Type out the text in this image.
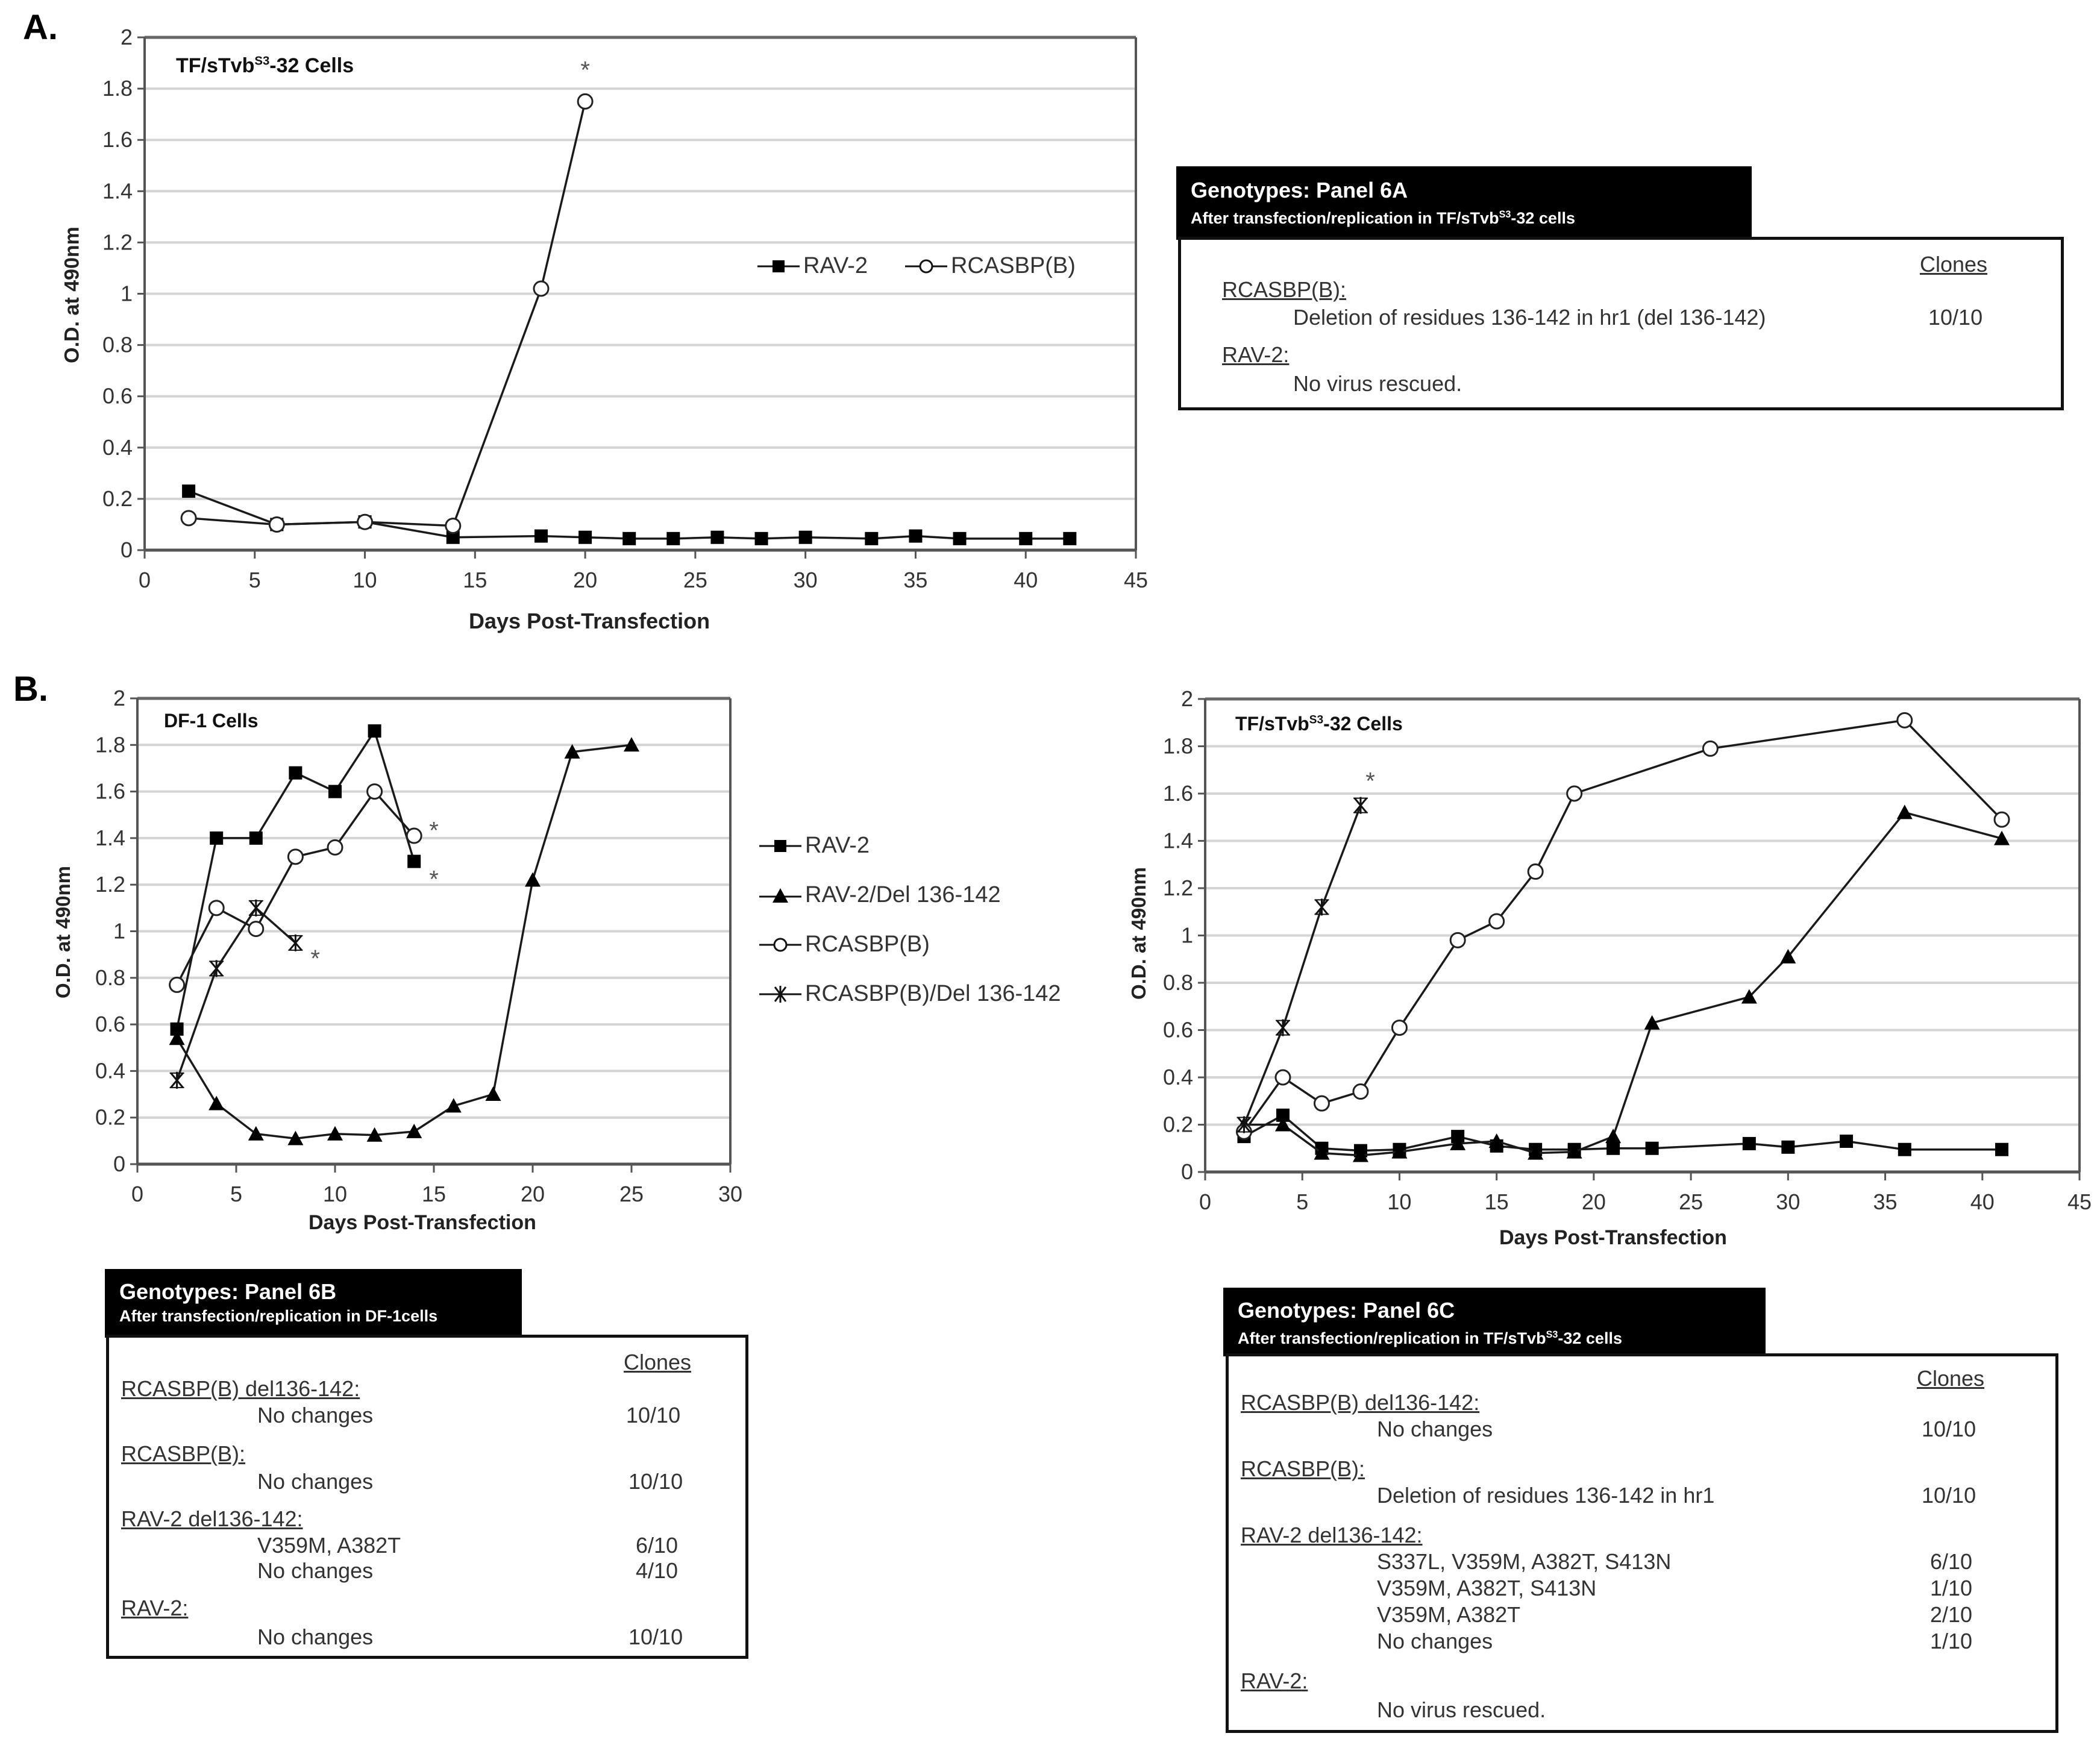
A.
B.
0
0.2
0.4
0.6
0.8
1
1.2
1.4
1.6
1.8
2
0	5	10	15	20	25	30	35	40	45
*
0
0.2
0.4
0.6
0.8
1
1.2
1.4
1.6
1.8
2
0	5	10	15	20	25	30
*
*
*
0
0.2
0.4
0.6
0.8
1
1.2
1.4
1.6
1.8
2
0	5	10	15	20	25	30	35	40	45
*
TF/sTvb$^{S3}$-32 Cells
Days Post-Transfection
O.D. at 490nm	RAV-2	RCASBP(B)
Genotypes: Panel 6A
After transfection/replication in TF/sTvb$^{S3}$-32 cells
Clones
RCASBP(B):
Deletion of residues 136-142 in hr1 (del 136-142)	10/10
RAV-2:
No virus rescued.
DF-1 Cells
Days Post-Transfection
O.D. at 490nm
RAV-2
RAV-2/Del 136-142
RCASBP(B)
RCASBP(B)/Del 136-142
TF/sTvb$^{S3}$-32 Cells
Days Post-Transfection
O.D. at 490nm
Genotypes: Panel 6B
After transfection/replication in DF-1cells
Clones
RCASBP(B) del136-142:
No changes	10/10
RCASBP(B):
No changes	10/10
RAV-2 del136-142:
V359M, A382T	6/10
No changes	4/10
RAV-2:
No changes	10/10
Genotypes: Panel 6C
After transfection/replication in TF/sTvb$^{S3}$-32 cells
Clones
RCASBP(B) del136-142:
No changes	10/10
RCASBP(B):
Deletion of residues 136-142 in hr1	10/10
RAV-2 del136-142:
S337L, V359M, A382T, S413N	6/10
V359M, A382T, S413N	1/10
V359M, A382T	2/10
No changes	1/10
RAV-2:
No virus rescued.
